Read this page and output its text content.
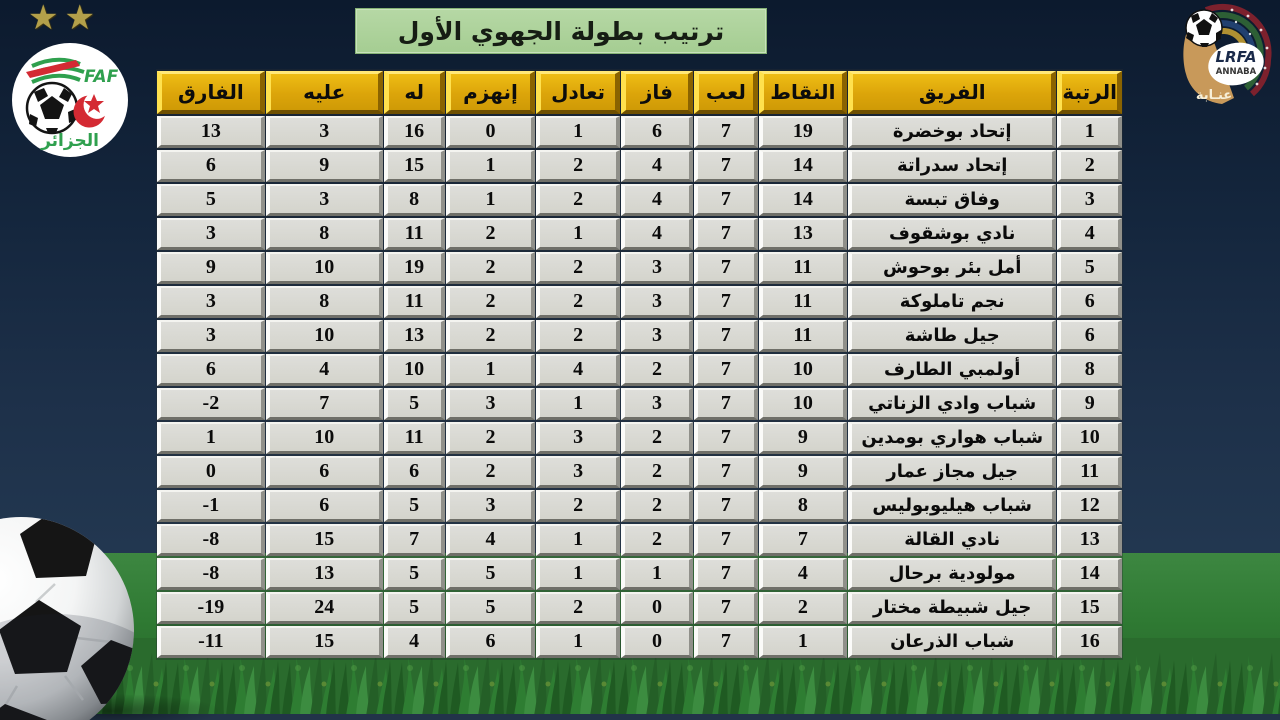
★ ★
FAF
الجزائر
ترتيب بطولة الجهوي الأول
LRFA
ANNABA
عنـابة
الرتبة	الفريق	النقاط	لعب	فاز	تعادل	إنهزم	له	عليه	الفارق
1	إتحاد بوخضرة	19	7	6	1	0	16	3	13
2	إتحاد سدراتة	14	7	4	2	1	15	9	6
3	وفاق تبسة	14	7	4	2	1	8	3	5
4	نادي بوشقوف	13	7	4	1	2	11	8	3
5	أمل بئر بوحوش	11	7	3	2	2	19	10	9
6	نجم تاملوكة	11	7	3	2	2	11	8	3
6	جيل طاشة	11	7	3	2	2	13	10	3
8	أولمبي الطارف	10	7	2	4	1	10	4	6
9	شباب وادي الزناتي	10	7	3	1	3	5	7	-2
10	شباب هواري بومدين	9	7	2	3	2	11	10	1
11	جيل مجاز عمار	9	7	2	3	2	6	6	0
12	شباب هيليوبوليس	8	7	2	2	3	5	6	-1
13	نادي القالة	7	7	2	1	4	7	15	-8
14	مولودية برحال	4	7	1	1	5	5	13	-8
15	جيل شبيطة مختار	2	7	0	2	5	5	24	-19
16	شباب الذرعان	1	7	0	1	6	4	15	-11
